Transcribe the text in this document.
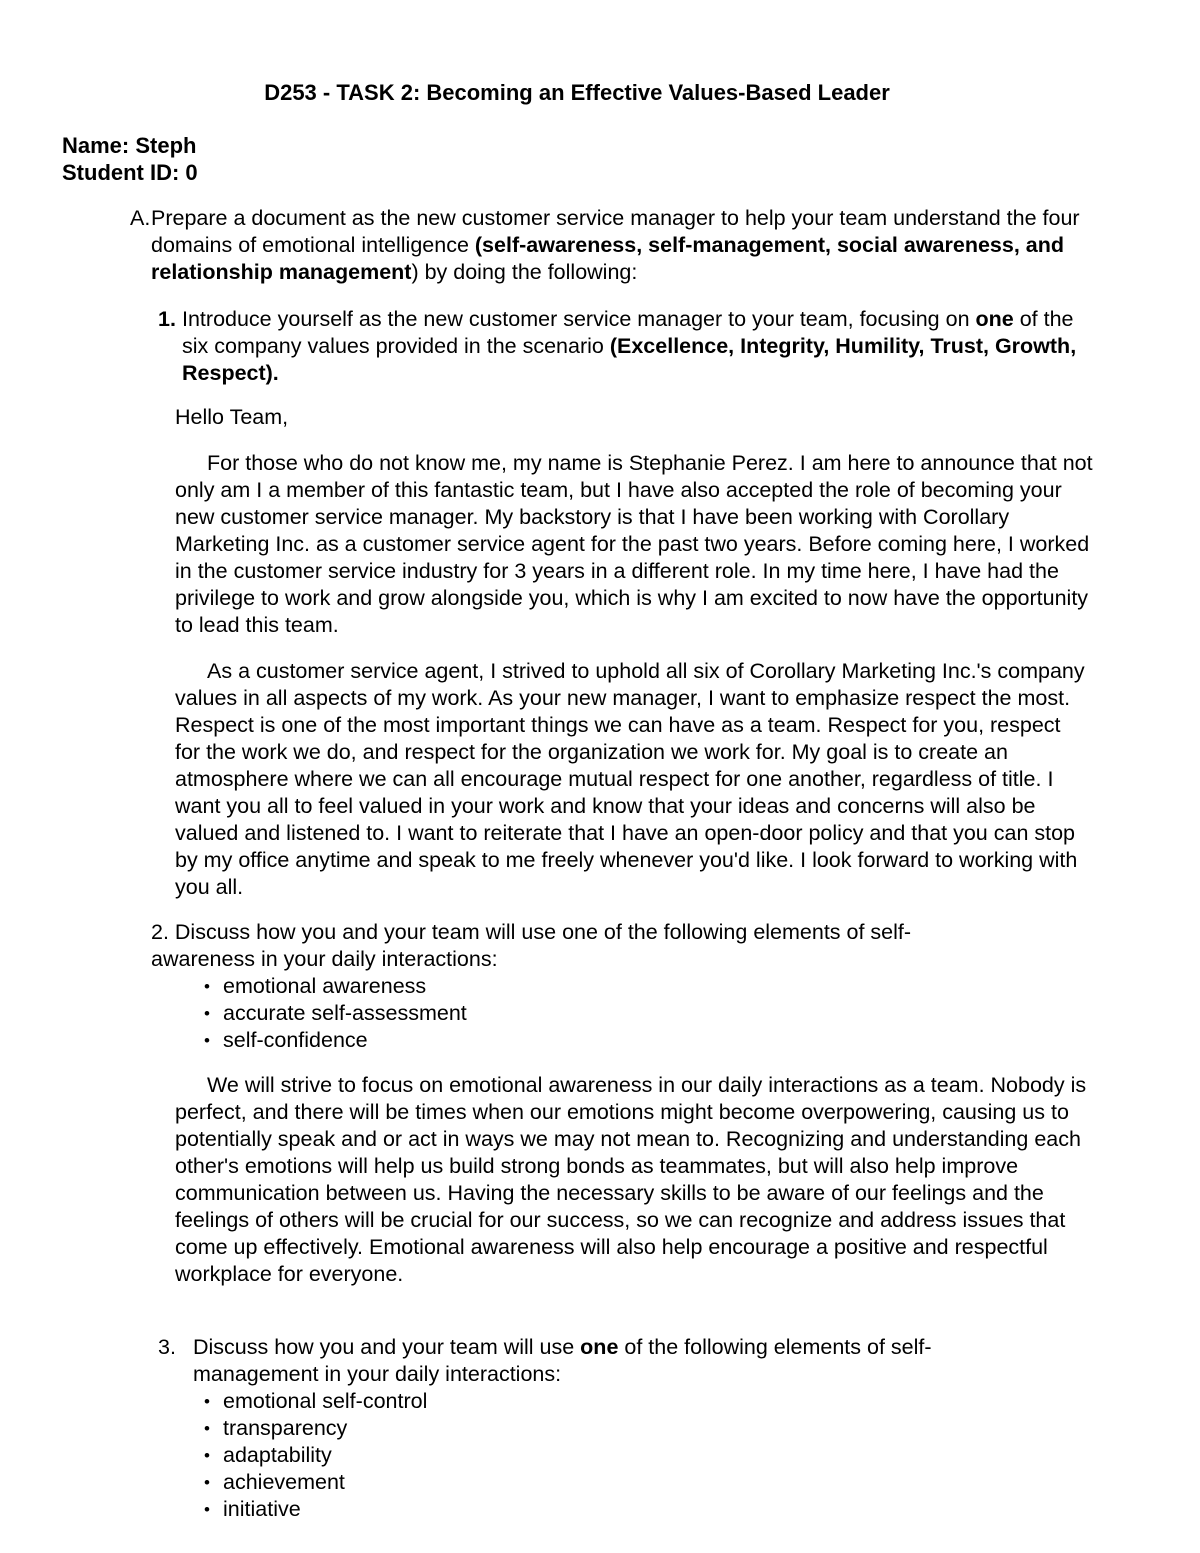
D253 - TASK 2: Becoming an Effective Values-Based Leader
Name: Steph
Student ID: 0
A. Prepare a document as the new customer service manager to help your team understand the four domains of emotional intelligence (self-awareness, self-management, social awareness, and relationship management) by doing the following:

1. Introduce yourself as the new customer service manager to your team, focusing on one of the six company values provided in the scenario (Excellence, Integrity, Humility, Trust, Growth, Respect).

Hello Team,

For those who do not know me, my name is Stephanie Perez. I am here to announce that not only am I a member of this fantastic team, but I have also accepted the role of becoming your new customer service manager. My backstory is that I have been working with Corollary Marketing Inc. as a customer service agent for the past two years. Before coming here, I worked in the customer service industry for 3 years in a different role. In my time here, I have had the privilege to work and grow alongside you, which is why I am excited to now have the opportunity to lead this team.

As a customer service agent, I strived to uphold all six of Corollary Marketing Inc.'s company values in all aspects of my work. As your new manager, I want to emphasize respect the most. Respect is one of the most important things we can have as a team. Respect for you, respect for the work we do, and respect for the organization we work for. My goal is to create an atmosphere where we can all encourage mutual respect for one another, regardless of title. I want you all to feel valued in your work and know that your ideas and concerns will also be valued and listened to. I want to reiterate that I have an open-door policy and that you can stop by my office anytime and speak to me freely whenever you'd like. I look forward to working with you all.

2. Discuss how you and your team will use one of the following elements of self-awareness in your daily interactions:
• emotional awareness
• accurate self-assessment
• self-confidence

We will strive to focus on emotional awareness in our daily interactions as a team. Nobody is perfect, and there will be times when our emotions might become overpowering, causing us to potentially speak and or act in ways we may not mean to. Recognizing and understanding each other's emotions will help us build strong bonds as teammates, but will also help improve communication between us. Having the necessary skills to be aware of our feelings and the feelings of others will be crucial for our success, so we can recognize and address issues that come up effectively. Emotional awareness will also help encourage a positive and respectful workplace for everyone.

3. Discuss how you and your team will use one of the following elements of self-management in your daily interactions:

• emotional self-control
• transparency
• adaptability
• achievement
• initiative
